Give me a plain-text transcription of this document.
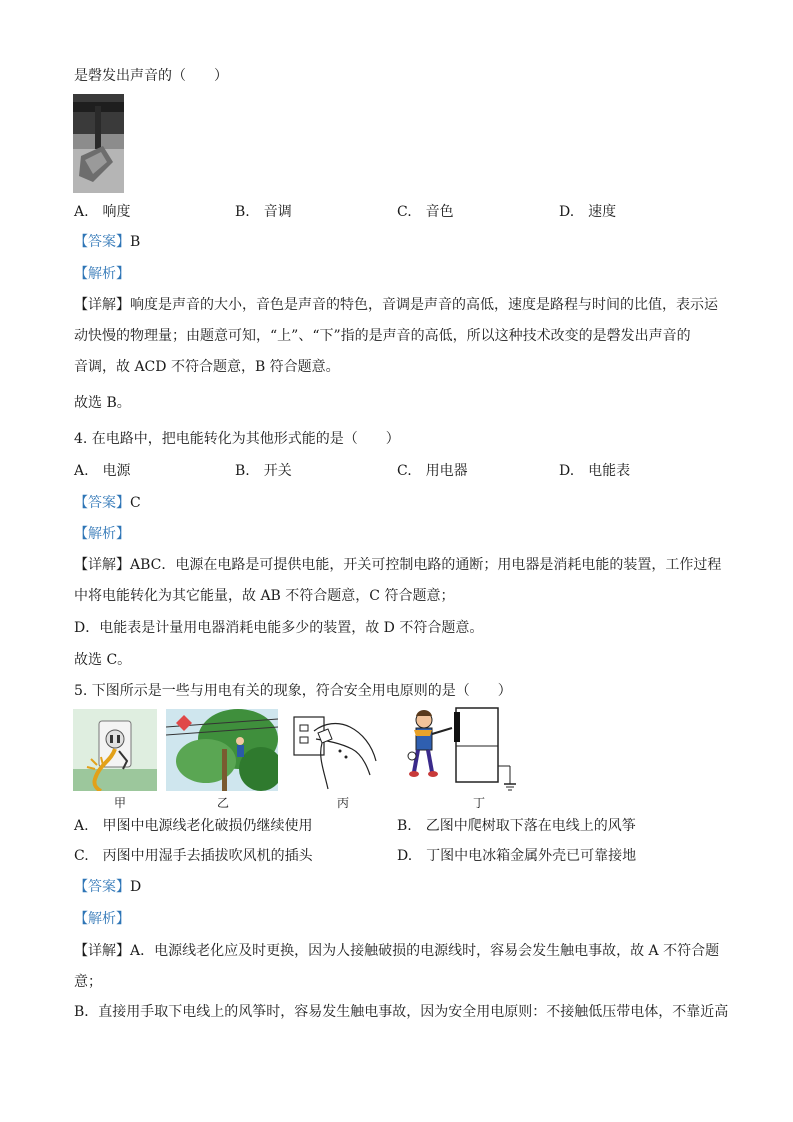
是磬发出声音的（　　）
A.　响度	B.　音调	C.　音色	D.　速度
【答案】B
【解析】
【详解】响度是声音的大小，音色是声音的特色，音调是声音的高低，速度是路程与时间的比值，表示运
动快慢的物理量；由题意可知，“上”、“下”指的是声音的高低，所以这种技术改变的是磬发出声音的
音调，故 ACD 不符合题意，B 符合题意。
故选 B。
4. 在电路中，把电能转化为其他形式能的是（　　）
A.　电源	B.　开关	C.　用电器	D.　电能表
【答案】C
【解析】
【详解】ABC．电源在电路是可提供电能，开关可控制电路的通断；用电器是消耗电能的装置，工作过程
中将电能转化为其它能量，故 AB 不符合题意，C 符合题意；
D．电能表是计量用电器消耗电能多少的装置，故 D 不符合题意。
故选 C。
5. 下图所示是一些与用电有关的现象，符合安全用电原则的是（　　）
甲	乙	丙	丁
A.　甲图中电源线老化破损仍继续使用	B.　乙图中爬树取下落在电线上的风筝
C.　丙图中用湿手去插拔吹风机的插头	D.　丁图中电冰箱金属外壳已可靠接地
【答案】D
【解析】
【详解】A．电源线老化应及时更换，因为人接触破损的电源线时，容易会发生触电事故，故 A 不符合题
意；
B．直接用手取下电线上的风筝时，容易发生触电事故，因为安全用电原则：不接触低压带电体，不靠近高
